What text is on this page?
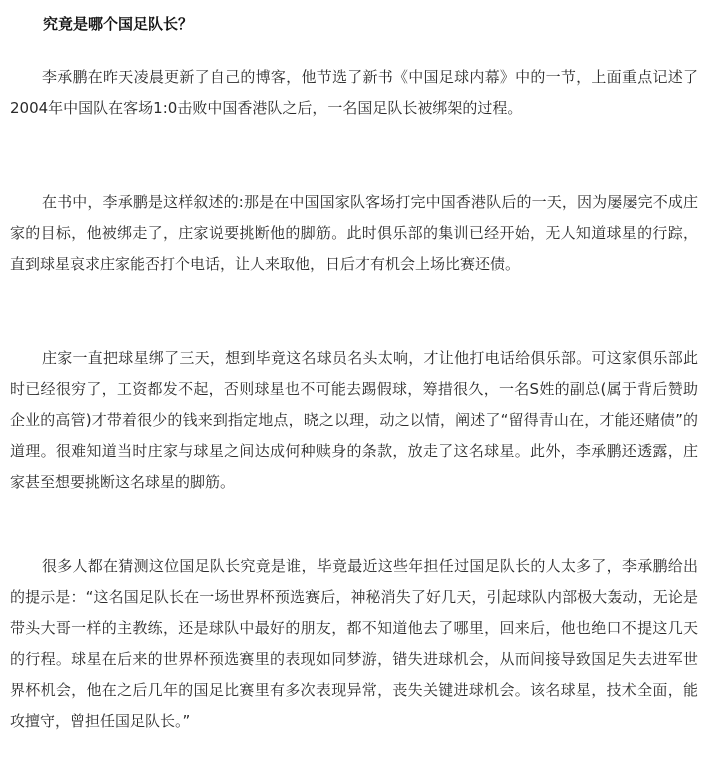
究竟是哪个国足队长？

李承鹏在昨天凌晨更新了自己的博客，他节选了新书《中国足球内幕》中的一节，上面重点记述了2004年中国队在客场1:0击败中国香港队之后，一名国足队长被绑架的过程。

在书中，李承鹏是这样叙述的:那是在中国国家队客场打完中国香港队后的一天，因为屡屡完不成庄家的目标，他被绑走了，庄家说要挑断他的脚筋。此时俱乐部的集训已经开始，无人知道球星的行踪，直到球星哀求庄家能否打个电话，让人来取他，日后才有机会上场比赛还债。

庄家一直把球星绑了三天，想到毕竟这名球员名头太响，才让他打电话给俱乐部。可这家俱乐部此时已经很穷了，工资都发不起，否则球星也不可能去踢假球，筹措很久，一名S姓的副总(属于背后赞助企业的高管)才带着很少的钱来到指定地点，晓之以理，动之以情，阐述了“留得青山在，才能还赌债”的道理。很难知道当时庄家与球星之间达成何种赎身的条款，放走了这名球星。此外，李承鹏还透露，庄家甚至想要挑断这名球星的脚筋。

很多人都在猜测这位国足队长究竟是谁，毕竟最近这些年担任过国足队长的人太多了，李承鹏给出的提示是：“这名国足队长在一场世界杯预选赛后，神秘消失了好几天，引起球队内部极大轰动，无论是带头大哥一样的主教练，还是球队中最好的朋友，都不知道他去了哪里，回来后，他也绝口不提这几天的行程。球星在后来的世界杯预选赛里的表现如同梦游，错失进球机会，从而间接导致国足失去进军世界杯机会，他在之后几年的国足比赛里有多次表现异常，丧失关键进球机会。该名球星，技术全面，能攻擅守，曾担任国足队长。”
